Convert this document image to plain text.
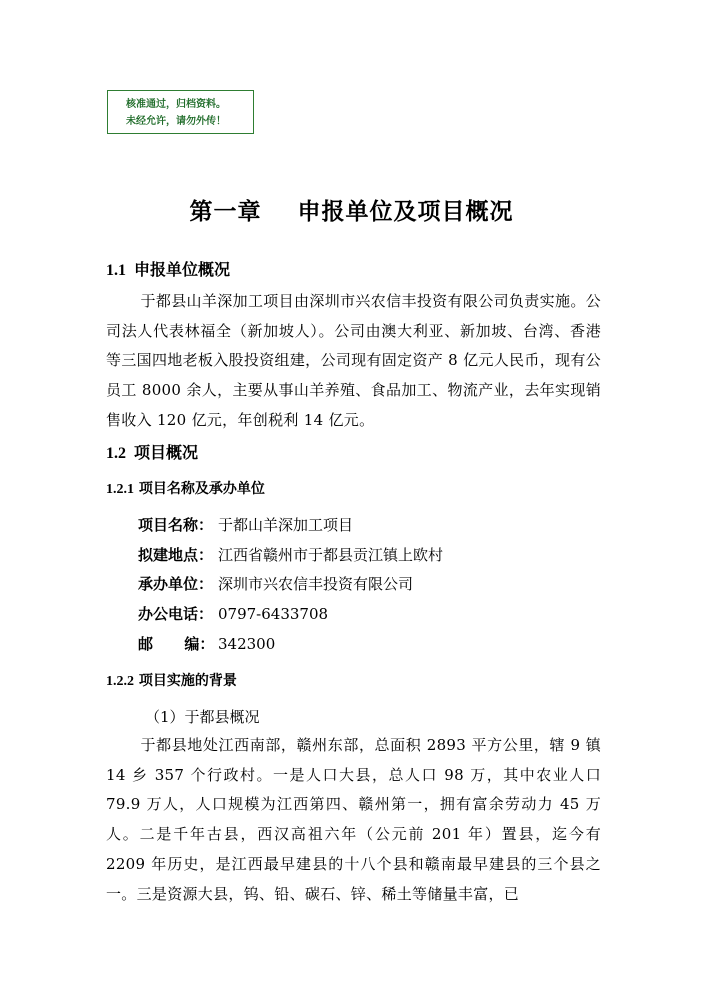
核准通过，归档资料。
未经允许，请勿外传！
第一章    申报单位及项目概况
1.1 申报单位概况

于都县山羊深加工项目由深圳市兴农信丰投资有限公司负责实施。公司法人代表林福全（新加坡人）。公司由澳大利亚、新加坡、台湾、香港等三国四地老板入股投资组建，公司现有固定资产 8 亿元人民币，现有公员工 8000 余人，主要从事山羊养殖、食品加工、物流产业，去年实现销售收入 120 亿元，年创税利 14 亿元。

1.2 项目概况
1.2.1 项目名称及承办单位
项目名称： 于都山羊深加工项目
拟建地点： 江西省赣州市于都县贡江镇上欧村
承办单位： 深圳市兴农信丰投资有限公司
办公电话： 0797-6433708
邮      编： 342300
1.2.2 项目实施的背景
（1）于都县概况

于都县地处江西南部，赣州东部，总面积 2893 平方公里，辖 9 镇 14 乡 357 个行政村。一是人口大县，总人口 98 万，其中农业人口 79.9 万人，人口规模为江西第四、赣州第一，拥有富余劳动力 45 万人。二是千年古县，西汉高祖六年（公元前 201 年）置县，迄今有 2209 年历史，是江西最早建县的十八个县和赣南最早建县的三个县之一。三是资源大县，钨、铅、碳石、锌、稀土等储量丰富，已
